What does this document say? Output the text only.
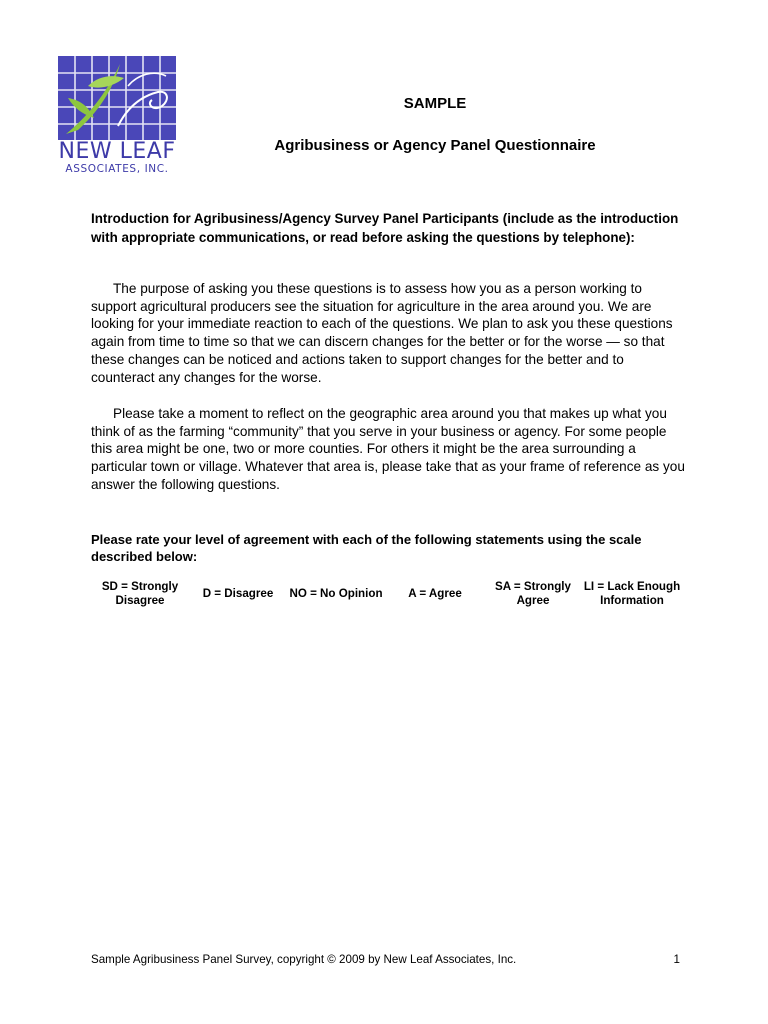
NEW LEAF
ASSOCIATES, INC.
SAMPLE
Agribusiness or Agency Panel Questionnaire
Introduction for Agribusiness/Agency Survey Panel Participants (include as the introduction with appropriate communications, or read before asking the questions by telephone):
The purpose of asking you these questions is to assess how you as a person working to support agricultural producers see the situation for agriculture in the area around you. We are looking for your immediate reaction to each of the questions. We plan to ask you these questions again from time to time so that we can discern changes for the better or for the worse — so that these changes can be noticed and actions taken to support changes for the better and to counteract any changes for the worse.
Please take a moment to reflect on the geographic area around you that makes up what you think of as the farming “community” that you serve in your business or agency. For some people this area might be one, two or more counties. For others it might be the area surrounding a particular town or village. Whatever that area is, please take that as your frame of reference as you answer the following questions.
Please rate your level of agreement with each of the following statements using the scale described below:
SD = Strongly Disagree
D = Disagree	NO = No Opinion	A = Agree
SA = Strongly Agree
LI = Lack Enough Information
Sample Agribusiness Panel Survey, copyright © 2009 by New Leaf Associates, Inc.	1
